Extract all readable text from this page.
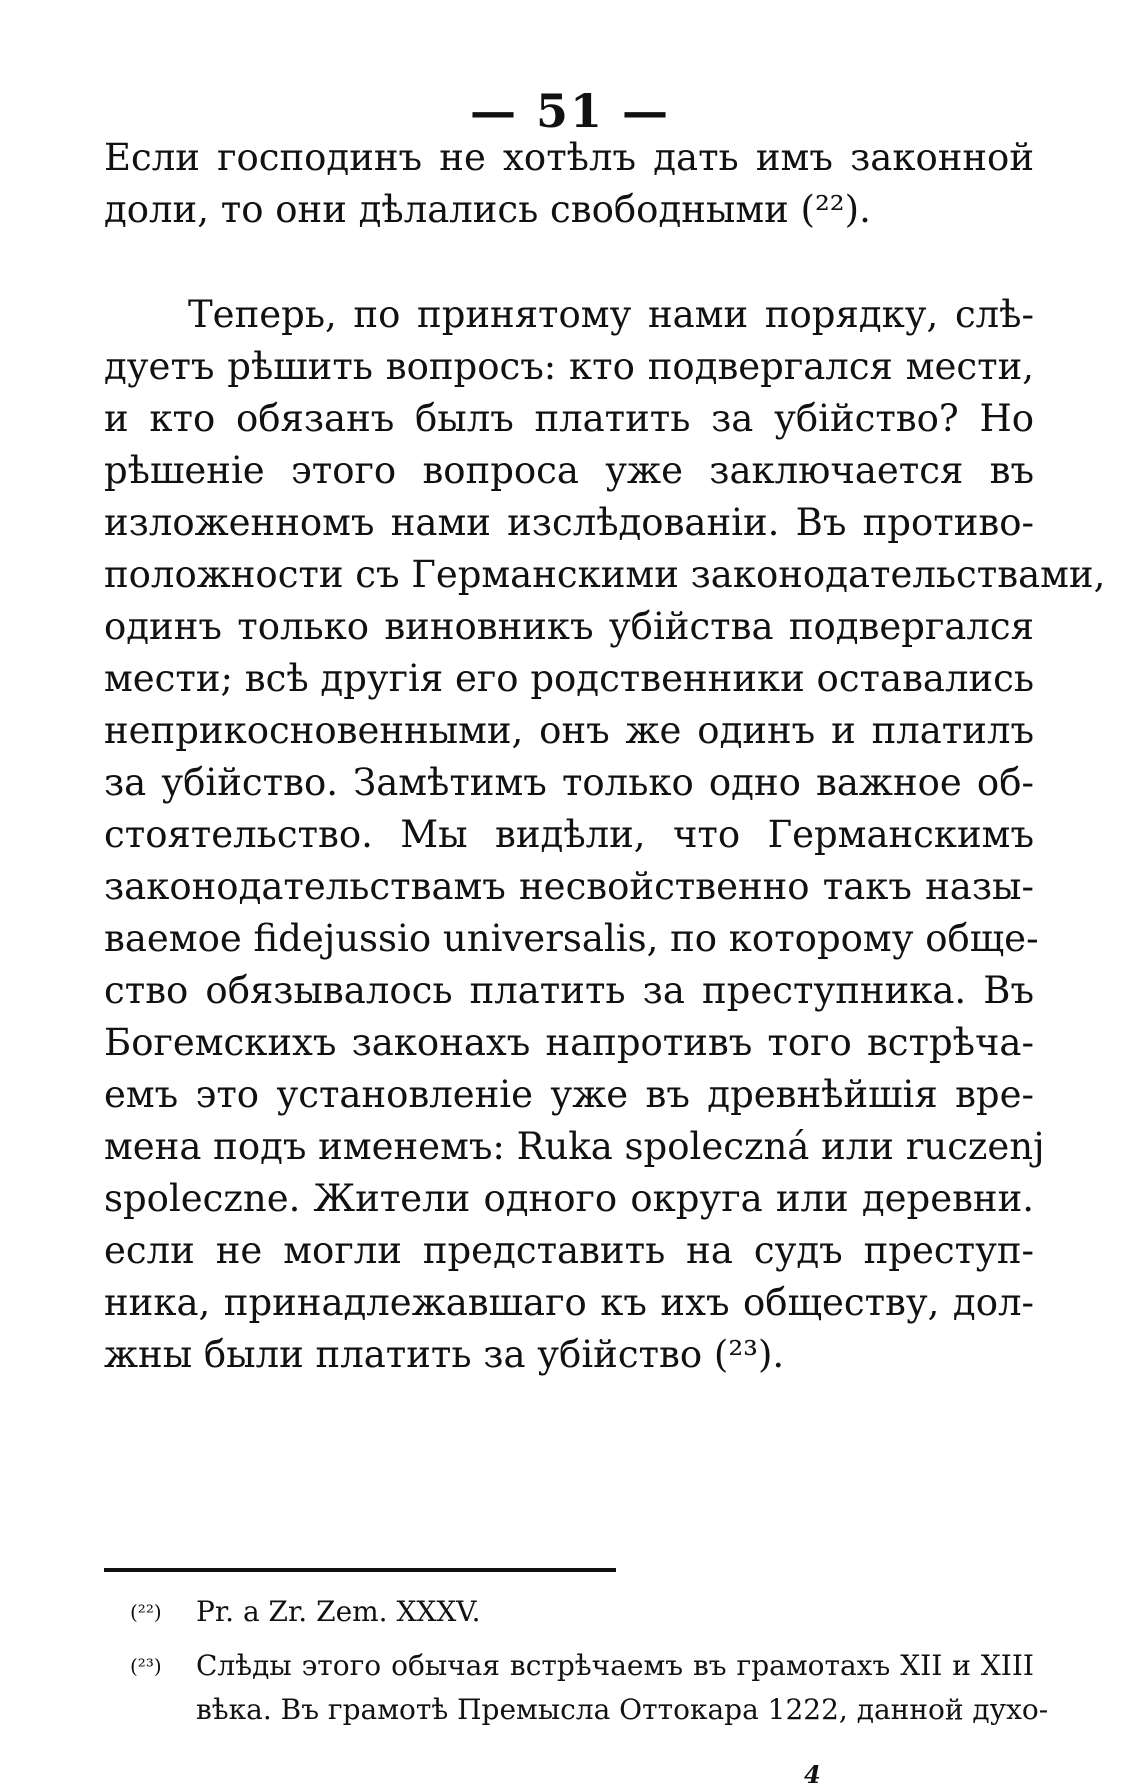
— 51 —
Если господинъ не хотѣлъ дать имъ законной
доли, то они дѣлались свободными (²²).
Теперь, по принятому нами порядку, слѣ-
дуетъ рѣшить вопросъ: кто подвергался мести,
и кто обязанъ былъ платить за убійство? Но
рѣшеніе этого вопроса уже заключается въ
изложенномъ нами изслѣдованіи. Въ противо-
положности съ Германскими законодательствами,
одинъ только виновникъ убійства подвергался
мести; всѣ другія его родственники оставались
неприкосновенными, онъ же одинъ и платилъ
за убійство. Замѣтимъ только одно важное об-
стоятельство. Мы видѣли, что Германскимъ
законодательствамъ несвойственно такъ назы-
ваемое fidejussio universalis, по которому обще-
ство обязывалось платить за преступника. Въ
Богемскихъ законахъ напротивъ того встрѣча-
емъ это установленіе уже въ древнѣйшія вре-
мена подъ именемъ: Ruka spoleczná или ruczenj
spoleczne. Жители одного округа или деревни.
если не могли представить на судъ преступ-
ника, принадлежавшаго къ ихъ обществу, дол-
жны были платить за убійство (²³).
(²²) Pr. a Zr. Zem. XXXV.
(²³) Слѣды этого обычая встрѣчаемъ въ грамотахъ XII и XIII
вѣка. Въ грамотѣ Премысла Оттокара 1222, данной духо-
4
